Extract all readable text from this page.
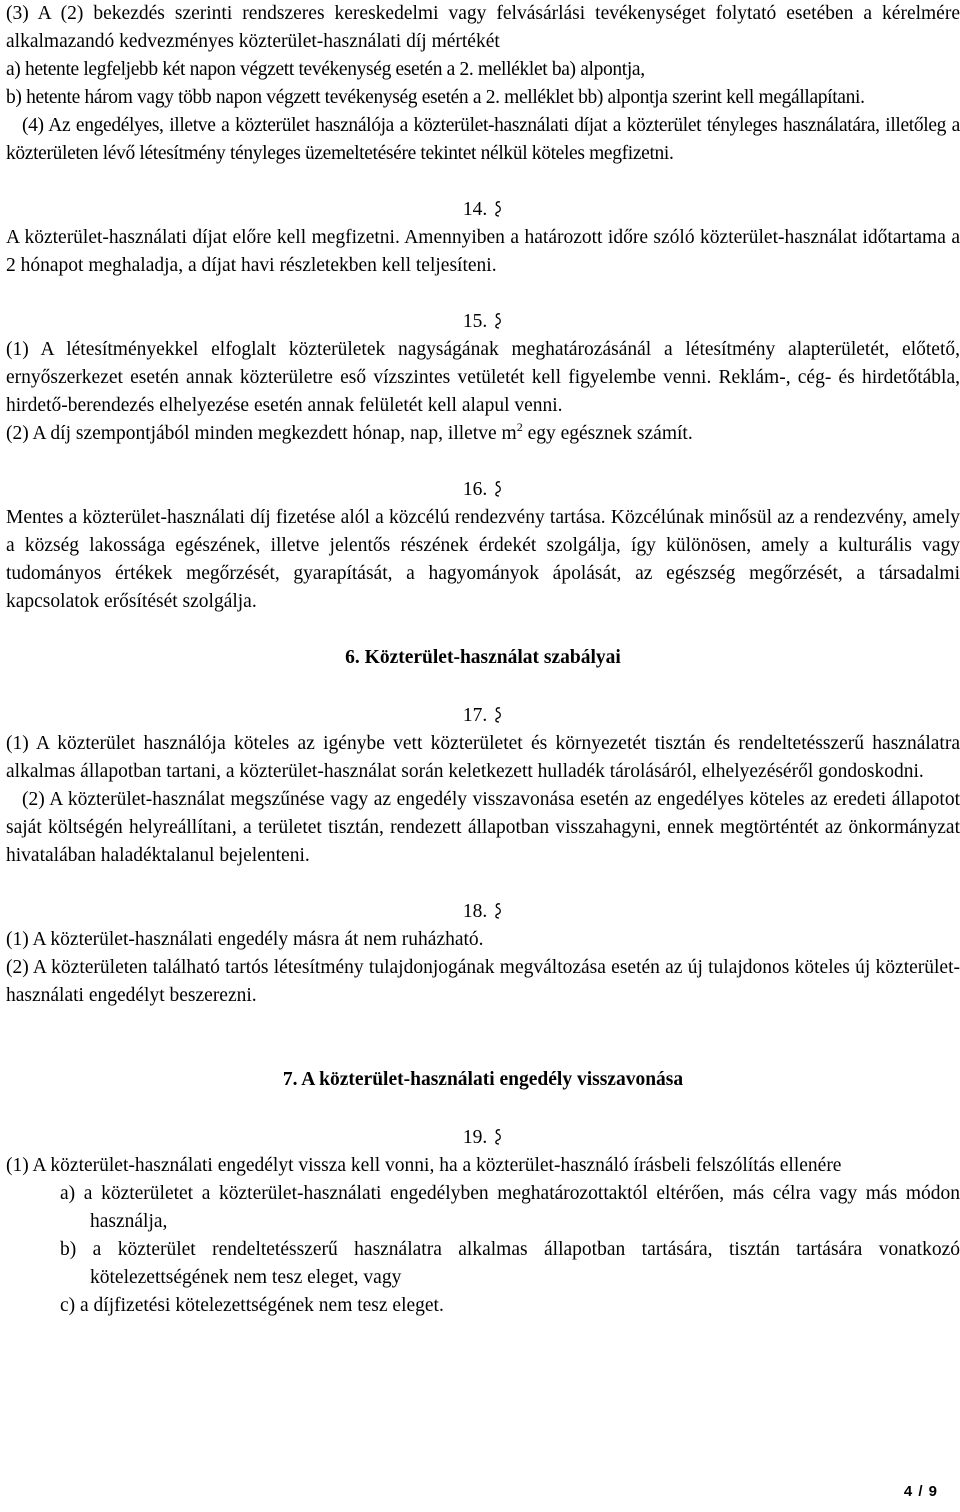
(3) A (2) bekezdés szerinti rendszeres kereskedelmi vagy felvásárlási tevékenységet folytató esetében a kérelmére alkalmazandó kedvezményes közterület-használati díj mértékét

a) hetente legfeljebb két napon végzett tevékenység esetén a 2. melléklet ba) alpontja,

b) hetente három vagy több napon végzett tevékenység esetén a 2. melléklet bb) alpontja szerint kell megállapítani.

(4) Az engedélyes, illetve a közterület használója a közterület-használati díjat a közterület tényleges használatára, illetőleg a közterületen lévő létesítmény tényleges üzemeltetésére tekintet nélkül köteles megfizetni.

14.

A közterület-használati díjat előre kell megfizetni. Amennyiben a határozott időre szóló közterület-használat időtartama a 2 hónapot meghaladja, a díjat havi részletekben kell teljesíteni.

15.

(1) A létesítményekkel elfoglalt közterületek nagyságának meghatározásánál a létesítmény alapterületét, előtető, ernyőszerkezet esetén annak közterületre eső vízszintes vetületét kell figyelembe venni. Reklám-, cég- és hirdetőtábla, hirdető-berendezés elhelyezése esetén annak felületét kell alapul venni.

(2) A díj szempontjából minden megkezdett hónap, nap, illetve $m^2$ egy egésznek számít.

16.

Mentes a közterület-használati díj fizetése alól a közcélú rendezvény tartása. Közcélúnak minősül az a rendezvény, amely a község lakossága egészének, illetve jelentős részének érdekét szolgálja, így különösen, amely a kulturális vagy tudományos értékek megőrzését, gyarapítását, a hagyományok ápolását, az egészség megőrzését, a társadalmi kapcsolatok erősítését szolgálja.

6. Közterület-használat szabályai

17.

(1) A közterület használója köteles az igénybe vett közterületet és környezetét tisztán és rendeltetésszerű használatra alkalmas állapotban tartani, a közterület-használat során keletkezett hulladék tárolásáról, elhelyezéséről gondoskodni.

(2) A közterület-használat megszűnése vagy az engedély visszavonása esetén az engedélyes köteles az eredeti állapotot saját költségén helyreállítani, a területet tisztán, rendezett állapotban visszahagyni, ennek megtörténtét az önkormányzat hivatalában haladéktalanul bejelenteni.

18.

(1) A közterület-használati engedély másra át nem ruházható.

(2) A közterületen található tartós létesítmény tulajdonjogának megváltozása esetén az új tulajdonos köteles új közterület-használati engedélyt beszerezni.

7. A közterület-használati engedély visszavonása

19.

(1) A közterület-használati engedélyt vissza kell vonni, ha a közterület-használó írásbeli felszólítás ellenére

a) a közterületet a közterület-használati engedélyben meghatározottaktól eltérően, más célra vagy más módon használja,
b) a közterület rendeltetésszerű használatra alkalmas állapotban tartására, tisztán tartására vonatkozó kötelezettségének nem tesz eleget, vagy
c) a díjfizetési kötelezettségének nem tesz eleget.
4 / 9
